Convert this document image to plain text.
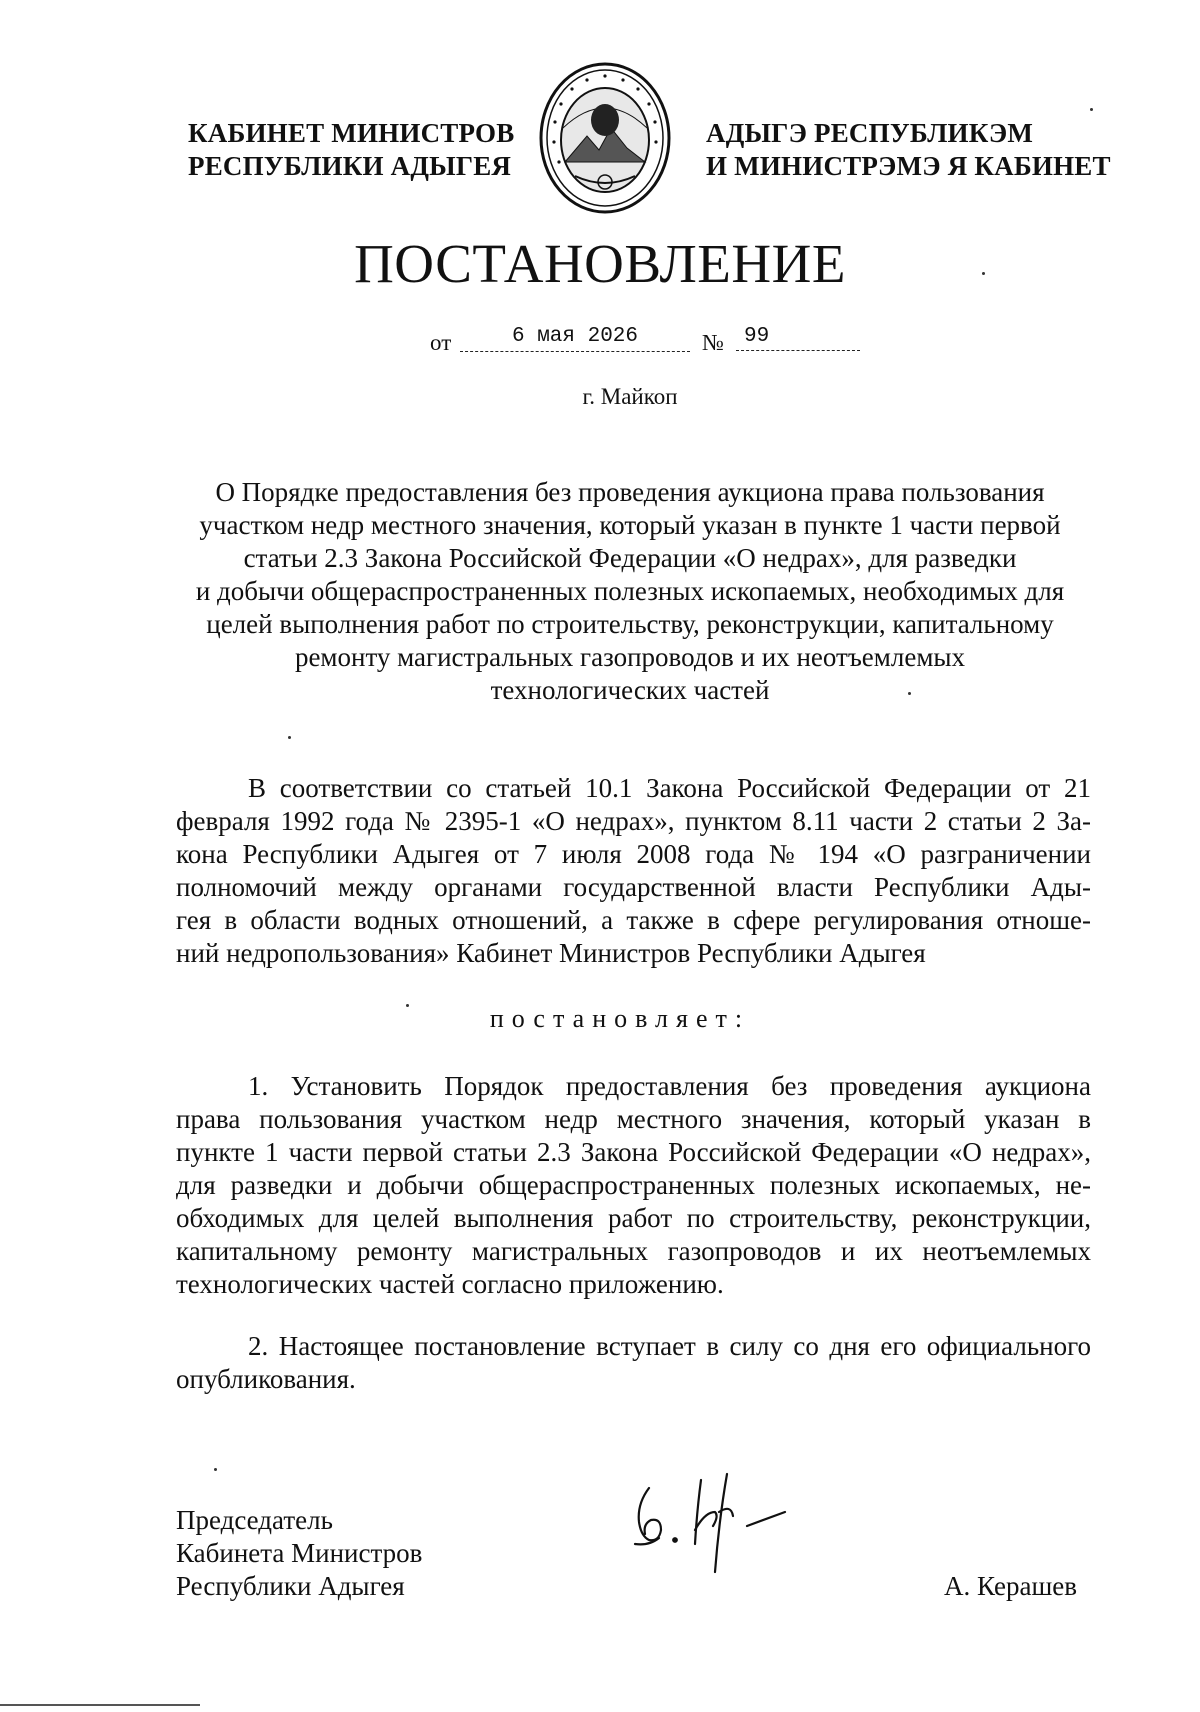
КАБИНЕТ МИНИСТРОВ
РЕСПУБЛИКИ АДЫГЕЯ
АДЫГЭ РЕСПУБЛИКЭМ
И МИНИСТРЭМЭ Я КАБИНЕТ
ПОСТАНОВЛЕНИЕ
от	6 мая 2026	№ 99
г. Майкоп
О Порядке предоставления без проведения аукциона права пользования
участком недр местного значения, который указан в пункте 1 части первой
статьи 2.3 Закона Российской Федерации «О недрах», для разведки
и добычи общераспространенных полезных ископаемых, необходимых для
целей выполнения работ по строительству, реконструкции, капитальному
ремонту магистральных газопроводов и их неотъемлемых
технологических частей
В соответствии со статьей 10.1 Закона Российской Федерации от 21
февраля 1992 года № 2395-1 «О недрах», пунктом 8.11 части 2 статьи 2 За-
кона Республики Адыгея от 7 июля 2008 года № 194 «О разграничении
полномочий между органами государственной власти Республики Ады-
гея в области водных отношений, а также в сфере регулирования отноше-
ний недропользования» Кабинет Министров Республики Адыгея
постановляет:
1. Установить Порядок предоставления без проведения аукциона
права пользования участком недр местного значения, который указан в
пункте 1 части первой статьи 2.3 Закона Российской Федерации «О недрах»,
для разведки и добычи общераспространенных полезных ископаемых, не-
обходимых для целей выполнения работ по строительству, реконструкции,
капитальному ремонту магистральных газопроводов и их неотъемлемых
технологических частей согласно приложению.
2. Настоящее постановление вступает в силу со дня его официального
опубликования.
Председатель
Кабинета Министров
Республики Адыгея	А. Керашев
